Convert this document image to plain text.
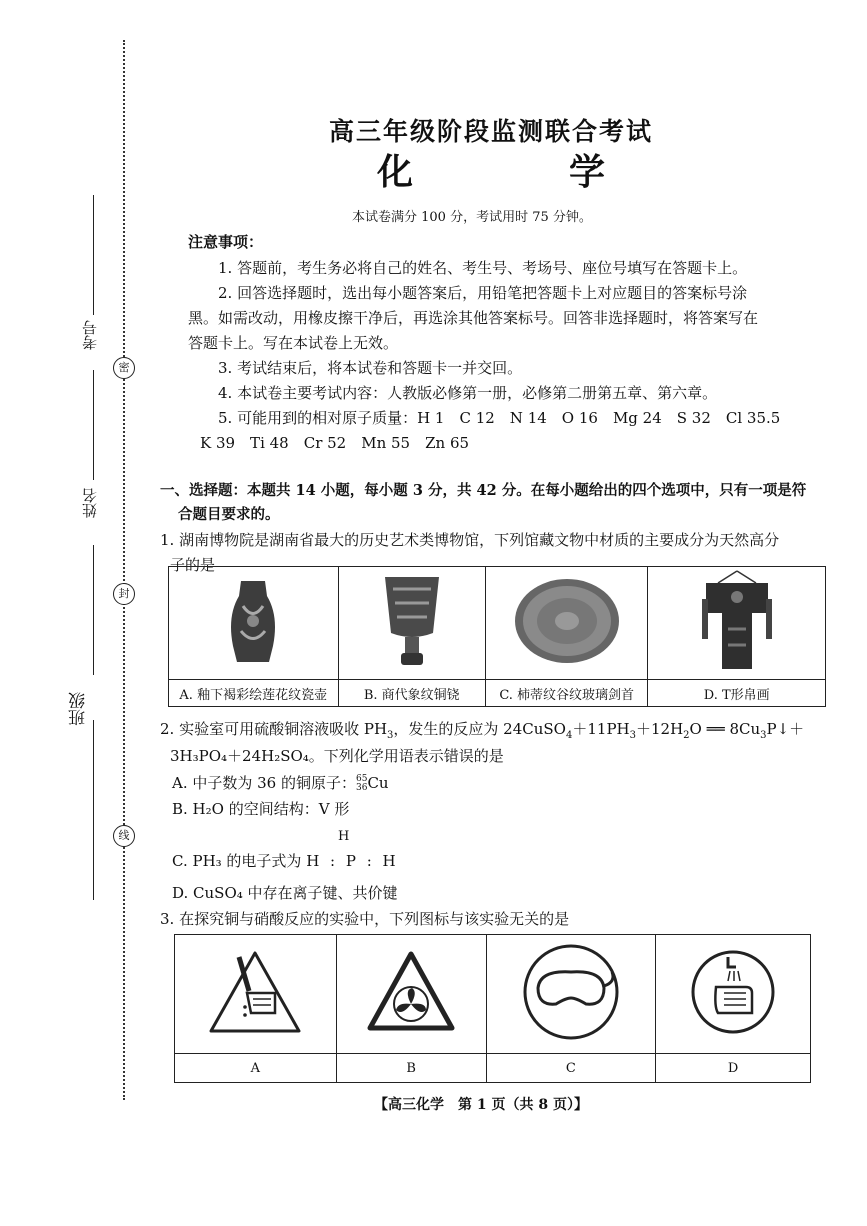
密
封
线
考号
姓名
班级
高三年级阶段监测联合考试
化　学
本试卷满分 100 分，考试用时 75 分钟。
注意事项：
1. 答题前，考生务必将自己的姓名、考生号、考场号、座位号填写在答题卡上。
2. 回答选择题时，选出每小题答案后，用铅笔把答题卡上对应题目的答案标号涂
黑。如需改动，用橡皮擦干净后，再选涂其他答案标号。回答非选择题时，将答案写在
答题卡上。写在本试卷上无效。
3. 考试结束后，将本试卷和答题卡一并交回。
4. 本试卷主要考试内容：人教版必修第一册，必修第二册第五章、第六章。
5. 可能用到的相对原子质量：H 1　C 12　N 14　O 16　Mg 24　S 32　Cl 35.5
K 39　Ti 48　Cr 52　Mn 55　Zn 65
一、选择题：本题共 14 小题，每小题 3 分，共 42 分。在每小题给出的四个选项中，只有一项是符
合题目要求的。
1. 湖南博物院是湖南省最大的历史艺术类博物馆，下列馆藏文物中材质的主要成分为天然高分
子的是

A. 釉下褐彩绘莲花纹瓷壶	B. 商代象纹铜铙	C. 柿蒂纹谷纹玻璃剑首	D. T形帛画
2. 实验室可用硫酸铜溶液吸收 $PH_3$，发生的反应为 $24CuSO_4+11PH_3+12H_2O$ ══ $8Cu_3P↓+$
3H₃PO₄＋24H₂SO₄。下列化学用语表示错误的是
A. 中子数为 36 的铜原子：65
36Cu
B. H₂O 的空间结构：V 形
H
C. PH₃ 的电子式为 H : P : H
D. CuSO₄ 中存在离子键、共价键
3. 在探究铜与硝酸反应的实验中，下列图标与该实验无关的是

A	B	C	D
【高三化学　第 1 页（共 8 页）】
